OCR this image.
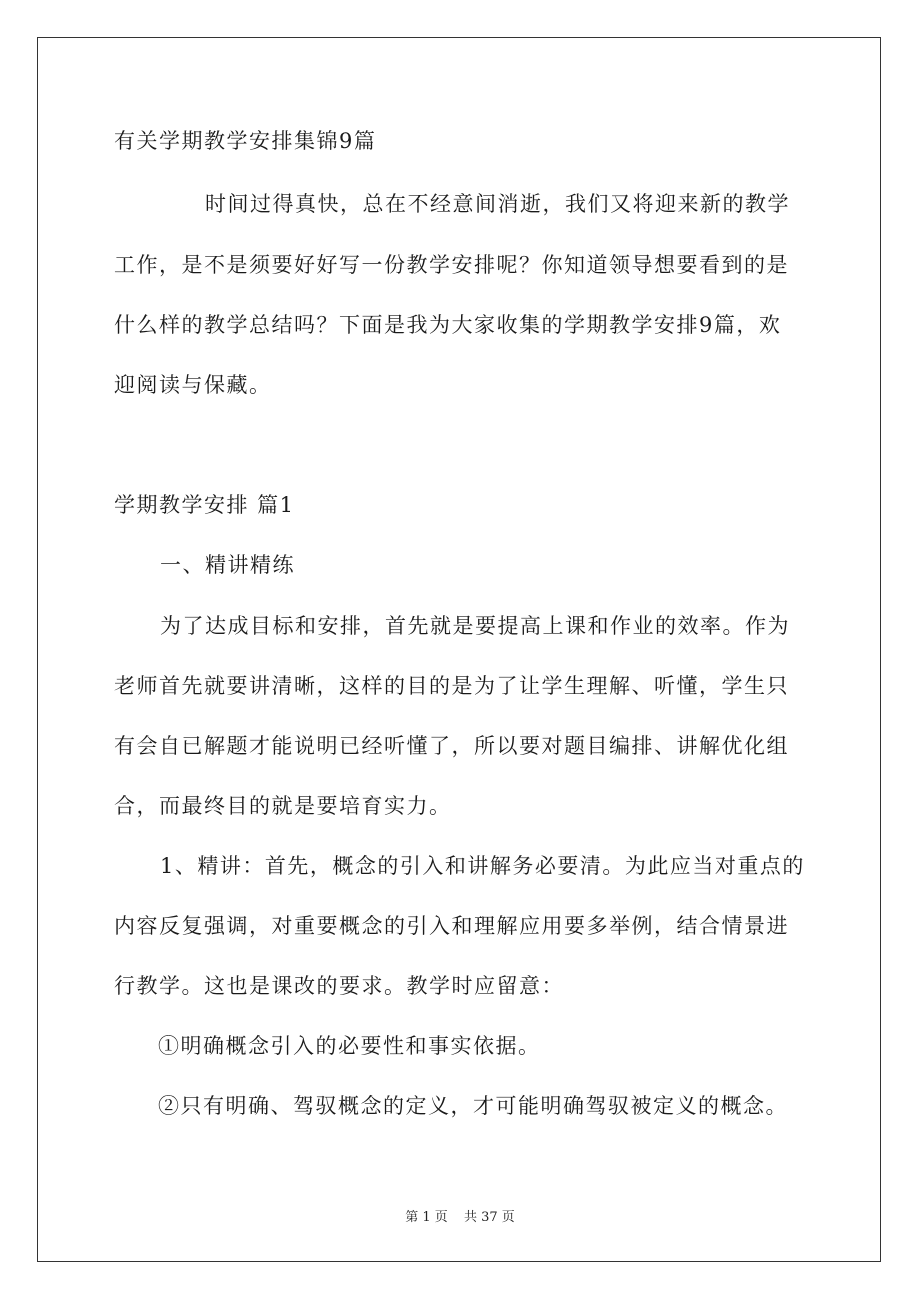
有关学期教学安排集锦9篇
时间过得真快，总在不经意间消逝，我们又将迎来新的教学
工作，是不是须要好好写一份教学安排呢？你知道领导想要看到的是
什么样的教学总结吗？下面是我为大家收集的学期教学安排9篇，欢
迎阅读与保藏。
学期教学安排 篇1
一、精讲精练
为了达成目标和安排，首先就是要提高上课和作业的效率。作为
老师首先就要讲清晰，这样的目的是为了让学生理解、听懂，学生只
有会自已解题才能说明已经听懂了，所以要对题目编排、讲解优化组
合，而最终目的就是要培育实力。
1、精讲：首先，概念的引入和讲解务必要清。为此应当对重点的
内容反复强调，对重要概念的引入和理解应用要多举例，结合情景进
行教学。这也是课改的要求。教学时应留意：
①明确概念引入的必要性和事实依据。
②只有明确、驾驭概念的定义，才可能明确驾驭被定义的概念。
第 1 页 共 37 页
